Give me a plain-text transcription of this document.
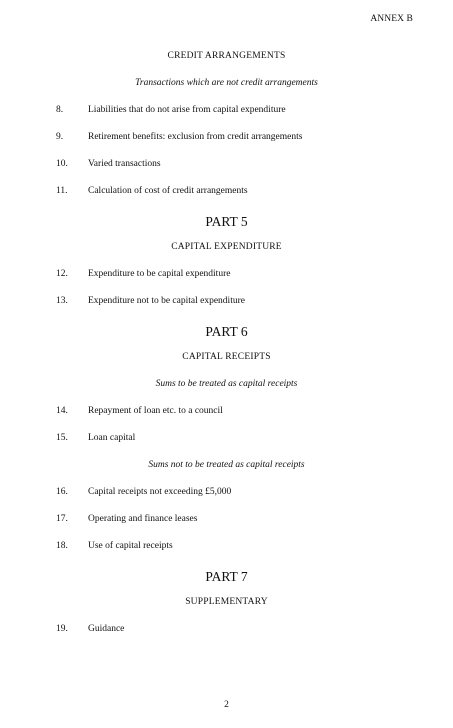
ANNEX B
CREDIT ARRANGEMENTS
Transactions which are not credit arrangements
8.	Liabilities that do not arise from capital expenditure
9.	Retirement benefits: exclusion from credit arrangements
10. Varied transactions
11. Calculation of cost of credit arrangements
PART 5
CAPITAL EXPENDITURE
12. Expenditure to be capital expenditure
13. Expenditure not to be capital expenditure
PART 6
CAPITAL RECEIPTS
Sums to be treated as capital receipts
14. Repayment of loan etc. to a council
15. Loan capital
Sums not to be treated as capital receipts
16. Capital receipts not exceeding £5,000
17. Operating and finance leases
18. Use of capital receipts
PART 7
SUPPLEMENTARY
19. Guidance
2
